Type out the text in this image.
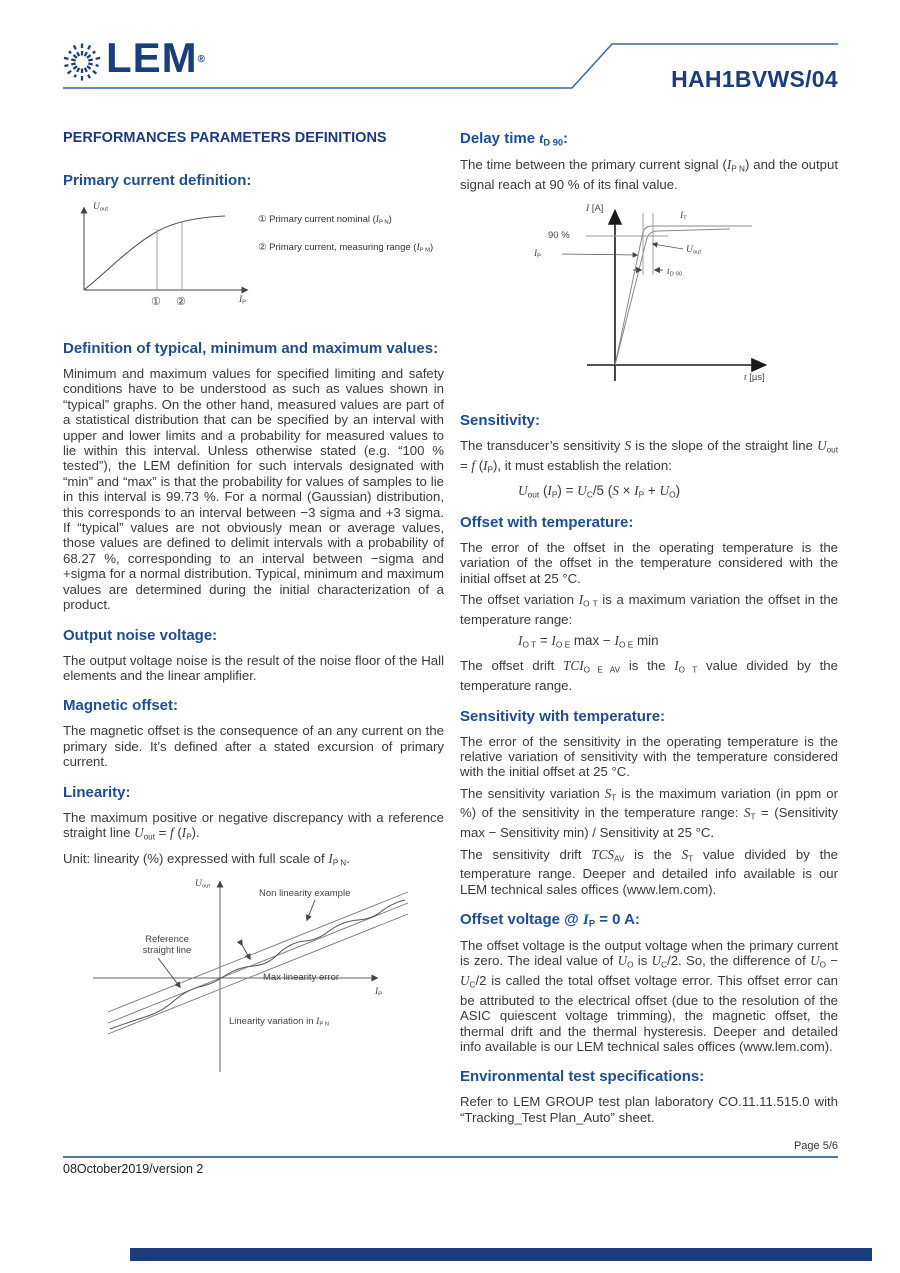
LEM®
HAH1BVWS/04
PERFORMANCES PARAMETERS DEFINITIONS
Primary current definition:
$U_{out}$
$I_P$
① ②
① Primary current nominal $(I_{P N})$
② Primary current, measuring range $(I_{P M})$
Definition of typical, minimum and maximum values:

Minimum and maximum values for specified limiting and safety conditions have to be understood as such as values shown in “typical” graphs. On the other hand, measured values are part of a statistical distribution that can be specified by an interval with upper and lower limits and a probability for measured values to lie within this interval. Unless otherwise stated (e.g. “100 % tested”), the LEM definition for such intervals designated with “min” and “max” is that the probability for values of samples to lie in this interval is 99.73 %. For a normal (Gaussian) distribution, this corresponds to an interval between −3 sigma and +3 sigma. If “typical” values are not obviously mean or average values, those values are defined to delimit intervals with a probability of 68.27 %, corresponding to an interval between −sigma and +sigma for a normal distribution. Typical, minimum and maximum values are determined during the initial characterization of a product.

Output noise voltage:

The output voltage noise is the result of the noise floor of the Hall elements and the linear amplifier.

Magnetic offset:

The magnetic offset is the consequence of an any current on the primary side. It’s defined after a stated excursion of primary current.

Linearity:

The maximum positive or negative discrepancy with a reference straight line $U_{out} = f$ $(I_P)$.

Unit: linearity (%) expressed with full scale of $I_{P N}$.

$U_{out}$
Non linearity example
Reference straight line
Max linearity error
$I_P$
Linearity variation in $I_{P N}$
Delay time $t_{D 90}$:

The time between the primary current signal $(I_{P N})$ and the output signal reach at 90 % of its final value.

I [A]
$I_T$
90 %
$U_{out}$
$I_P$
$t_{D 90}$
t [µs]
Sensitivity:

The transducer’s sensitivity S is the slope of the straight line $U_{out} = f$ $(I_P)$, it must establish the relation:

$U_{out}$ $(I_P) = U_C/5$ $(S \times I_P + U_O)$

Offset with temperature:

The error of the offset in the operating temperature is the variation of the offset in the temperature considered with the initial offset at 25 °C.

The offset variation $I_{O T}$ is a maximum variation the offset in the temperature range:

$I_{O T} = I_{O E}$ $\max - I_{O E}$ min

The offset drift $TCI_{O E AV}$ is the $I_{O T}$ value divided by the temperature range.

Sensitivity with temperature:

The error of the sensitivity in the operating temperature is the relative variation of sensitivity with the temperature considered with the initial offset at 25 °C.

The sensitivity variation $S_T$ is the maximum variation (in ppm or %) of the sensitivity in the temperature range: $S_T$ = (Sensitivity max − Sensitivity min) / Sensitivity at 25 °C.

The sensitivity drift $TCS_{AV}$ is the $S_T$ value divided by the temperature range. Deeper and detailed info available is our LEM technical sales offices (www.lem.com).

Offset voltage @ $I_P = 0$ A:

The offset voltage is the output voltage when the primary current is zero. The ideal value of $U_O$ is $U_C/2$. So, the difference of $U_O - U_C/2$ is called the total offset voltage error. This offset error can be attributed to the electrical offset (due to the resolution of the ASIC quiescent voltage trimming), the magnetic offset, the thermal drift and the thermal hysteresis. Deeper and detailed info available is our LEM technical sales offices (www.lem.com).

Environmental test specifications:

Refer to LEM GROUP test plan laboratory CO.11.11.515.0 with “Tracking_Test Plan_Auto” sheet.

Page 5/6
08October2019/version 2
